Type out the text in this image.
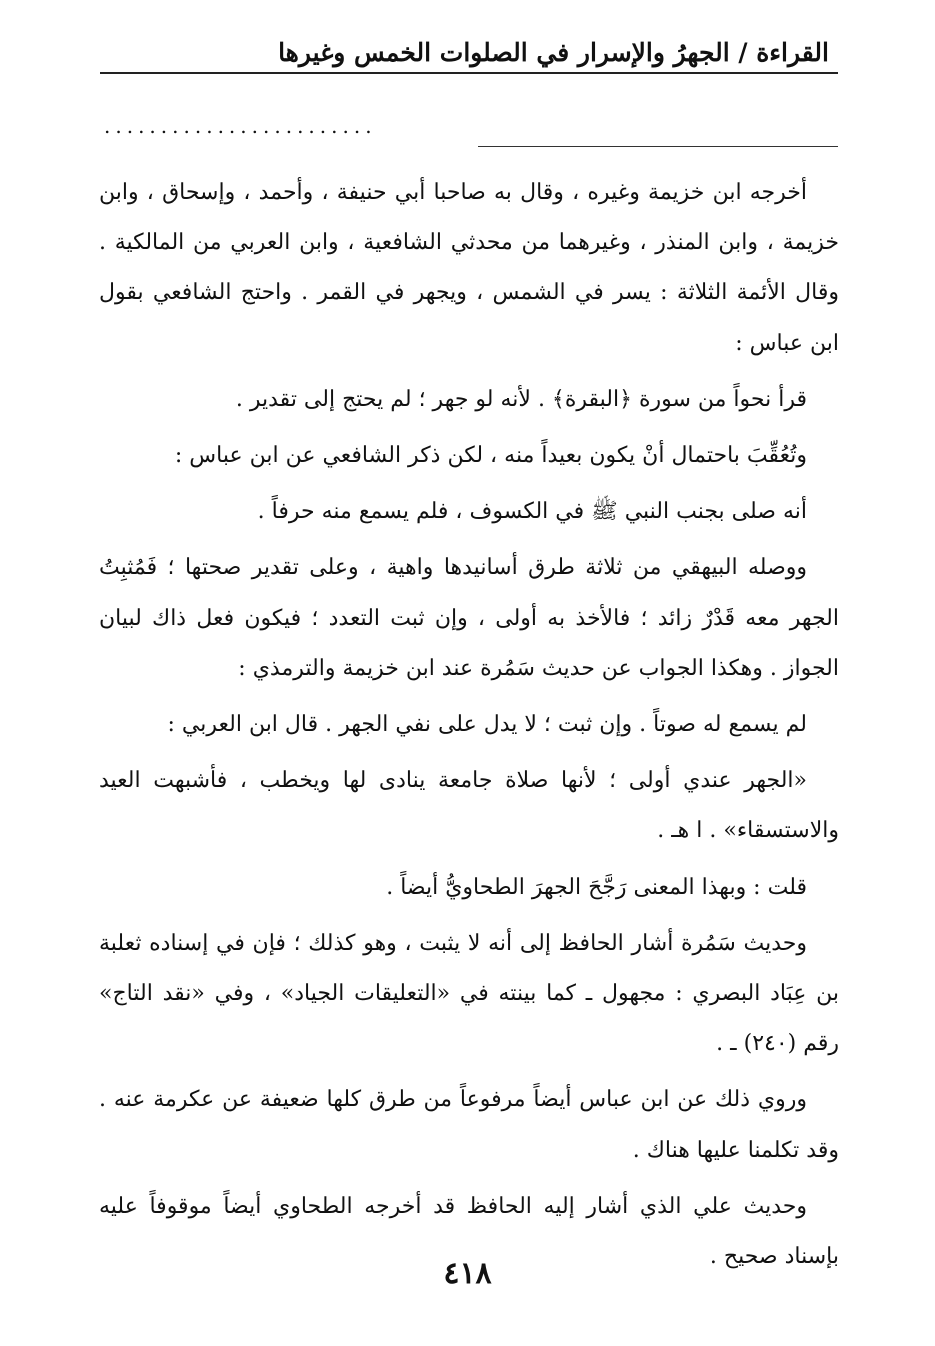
القراءة / الجهرُ والإسرار في الصلوات الخمس وغيرها
........................

أخرجه ابن خزيمة وغيره ، وقال به صاحبا أبي حنيفة ، وأحمد ، وإسحاق ، وابن خزيمة ، وابن المنذر ، وغيرهما من محدثي الشافعية ، وابن العربي من المالكية . وقال الأئمة الثلاثة : يسر في الشمس ، ويجهر في القمر . واحتج الشافعي بقول ابن عباس :

قرأ نحواً من سورة ﴿البقرة﴾ . لأنه لو جهر ؛ لم يحتج إلى تقدير .

وتُعُقِّبَ باحتمال أنْ يكون بعيداً منه ، لكن ذكر الشافعي عن ابن عباس :

أنه صلى بجنب النبي ﷺ في الكسوف ، فلم يسمع منه حرفاً .

ووصله البيهقي من ثلاثة طرق أسانيدها واهية ، وعلى تقدير صحتها ؛ فَمُثبِتُ الجهر معه قَدْرٌ زائد ؛ فالأخذ به أولى ، وإن ثبت التعدد ؛ فيكون فعل ذاك لبيان الجواز . وهكذا الجواب عن حديث سَمُرة عند ابن خزيمة والترمذي :

لم يسمع له صوتاً . وإن ثبت ؛ لا يدل على نفي الجهر . قال ابن العربي :

«الجهر عندي أولى ؛ لأنها صلاة جامعة ينادى لها ويخطب ، فأشبهت العيد والاستسقاء» . ا هـ .

قلت : وبهذا المعنى رَجَّحَ الجهرَ الطحاويُّ أيضاً .

وحديث سَمُرة أشار الحافظ إلى أنه لا يثبت ، وهو كذلك ؛ فإن في إسناده ثعلبة بن عِبَاد البصري : مجهول ـ كما بينته في «التعليقات الجياد» ، وفي «نقد التاج» رقم (٢٤٠) ـ .

وروي ذلك عن ابن عباس أيضاً مرفوعاً من طرق كلها ضعيفة عن عكرمة عنه . وقد تكلمنا عليها هناك .

وحديث علي الذي أشار إليه الحافظ قد أخرجه الطحاوي أيضاً موقوفاً عليه بإسناد صحيح .

٤١٨
